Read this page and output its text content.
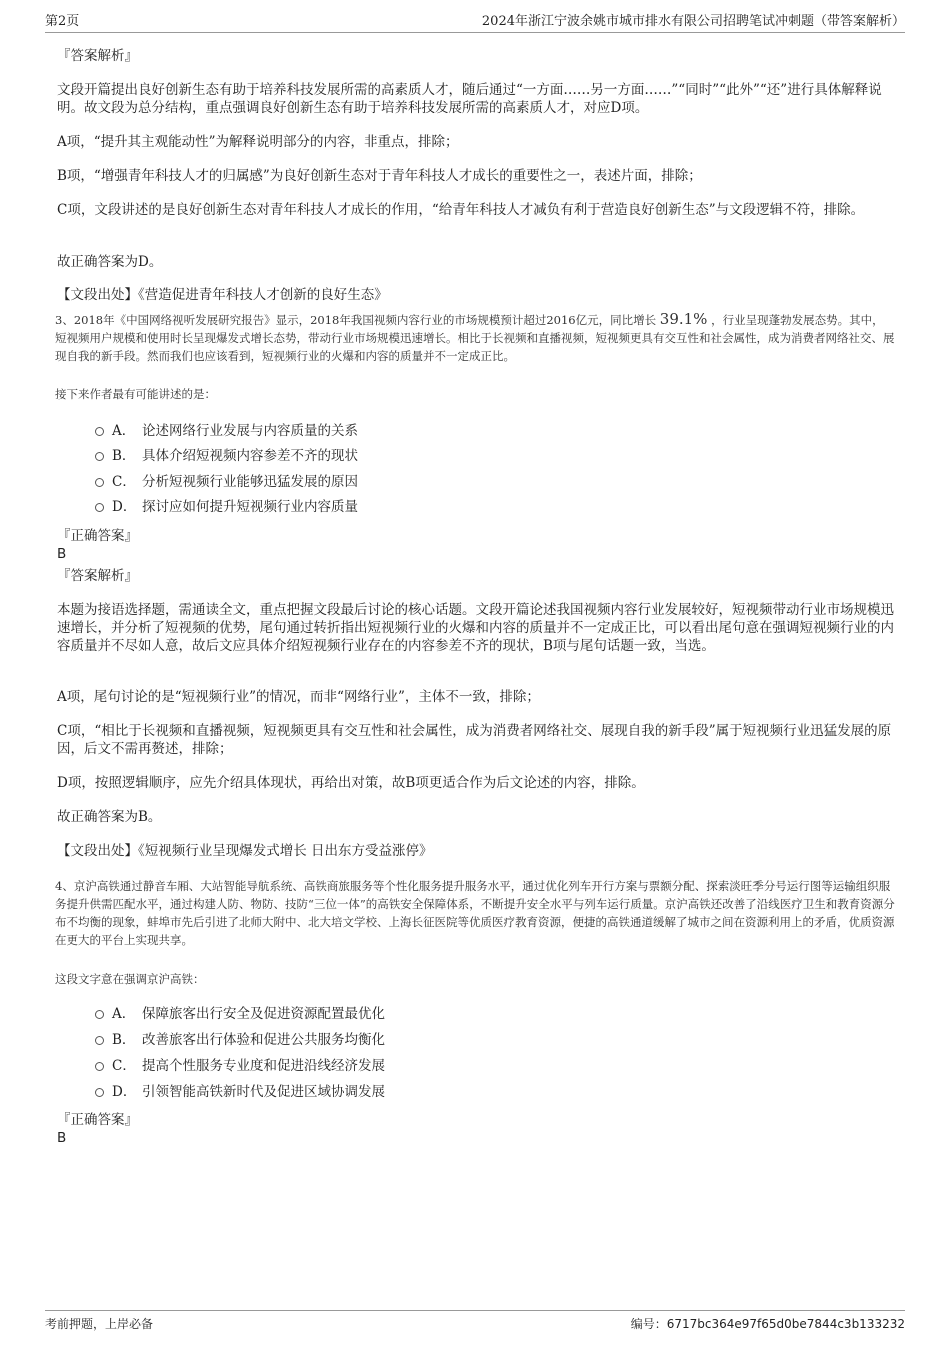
第2页	2024年浙江宁波余姚市城市排水有限公司招聘笔试冲刺题（带答案解析）
『答案解析』
文段开篇提出良好创新生态有助于培养科技发展所需的高素质人才，随后通过“一方面……另一方面……”“同时”“此外”“还”进行具体解释说明。故文段为总分结构，重点强调良好创新生态有助于培养科技发展所需的高素质人才，对应D项。
A项，“提升其主观能动性”为解释说明部分的内容，非重点，排除；
B项，“增强青年科技人才的归属感”为良好创新生态对于青年科技人才成长的重要性之一，表述片面，排除；
C项，文段讲述的是良好创新生态对青年科技人才成长的作用，“给青年科技人才减负有利于营造良好创新生态”与文段逻辑不符，排除。
故正确答案为D。
【文段出处】《营造促进青年科技人才创新的良好生态》
3、2018年《中国网络视听发展研究报告》显示，2018年我国视频内容行业的市场规模预计超过2016亿元，同比增长 39.1% ，行业呈现蓬勃发展态势。其中，短视频用户规模和使用时长呈现爆发式增长态势，带动行业市场规模迅速增长。相比于长视频和直播视频，短视频更具有交互性和社会属性，成为消费者网络社交、展现自我的新手段。然而我们也应该看到，短视频行业的火爆和内容的质量并不一定成正比。
接下来作者最有可能讲述的是：
A． 论述网络行业发展与内容质量的关系
B． 具体介绍短视频内容参差不齐的现状
C． 分析短视频行业能够迅猛发展的原因
D． 探讨应如何提升短视频行业内容质量
『正确答案』
B
『答案解析』
本题为接语选择题，需通读全文，重点把握文段最后讨论的核心话题。文段开篇论述我国视频内容行业发展较好，短视频带动行业市场规模迅速增长，并分析了短视频的优势，尾句通过转折指出短视频行业的火爆和内容的质量并不一定成正比，可以看出尾句意在强调短视频行业的内容质量并不尽如人意，故后文应具体介绍短视频行业存在的内容参差不齐的现状，B项与尾句话题一致，当选。
A项，尾句讨论的是“短视频行业”的情况，而非“网络行业”，主体不一致，排除；
C项，“相比于长视频和直播视频，短视频更具有交互性和社会属性，成为消费者网络社交、展现自我的新手段”属于短视频行业迅猛发展的原因，后文不需再赘述，排除；
D项，按照逻辑顺序，应先介绍具体现状，再给出对策，故B项更适合作为后文论述的内容，排除。
故正确答案为B。
【文段出处】《短视频行业呈现爆发式增长 日出东方受益涨停》
4、京沪高铁通过静音车厢、大站智能导航系统、高铁商旅服务等个性化服务提升服务水平，通过优化列车开行方案与票额分配、探索淡旺季分号运行图等运输组织服务提升供需匹配水平，通过构建人防、物防、技防“三位一体”的高铁安全保障体系，不断提升安全水平与列车运行质量。京沪高铁还改善了沿线医疗卫生和教育资源分布不均衡的现象，蚌埠市先后引进了北师大附中、北大培文学校、上海长征医院等优质医疗教育资源，便捷的高铁通道缓解了城市之间在资源利用上的矛盾，优质资源在更大的平台上实现共享。
这段文字意在强调京沪高铁：
A． 保障旅客出行安全及促进资源配置最优化
B． 改善旅客出行体验和促进公共服务均衡化
C． 提高个性服务专业度和促进沿线经济发展
D． 引领智能高铁新时代及促进区域协调发展
『正确答案』
B
考前押题，上岸必备	编号：6717bc364e97f65d0be7844c3b133232
